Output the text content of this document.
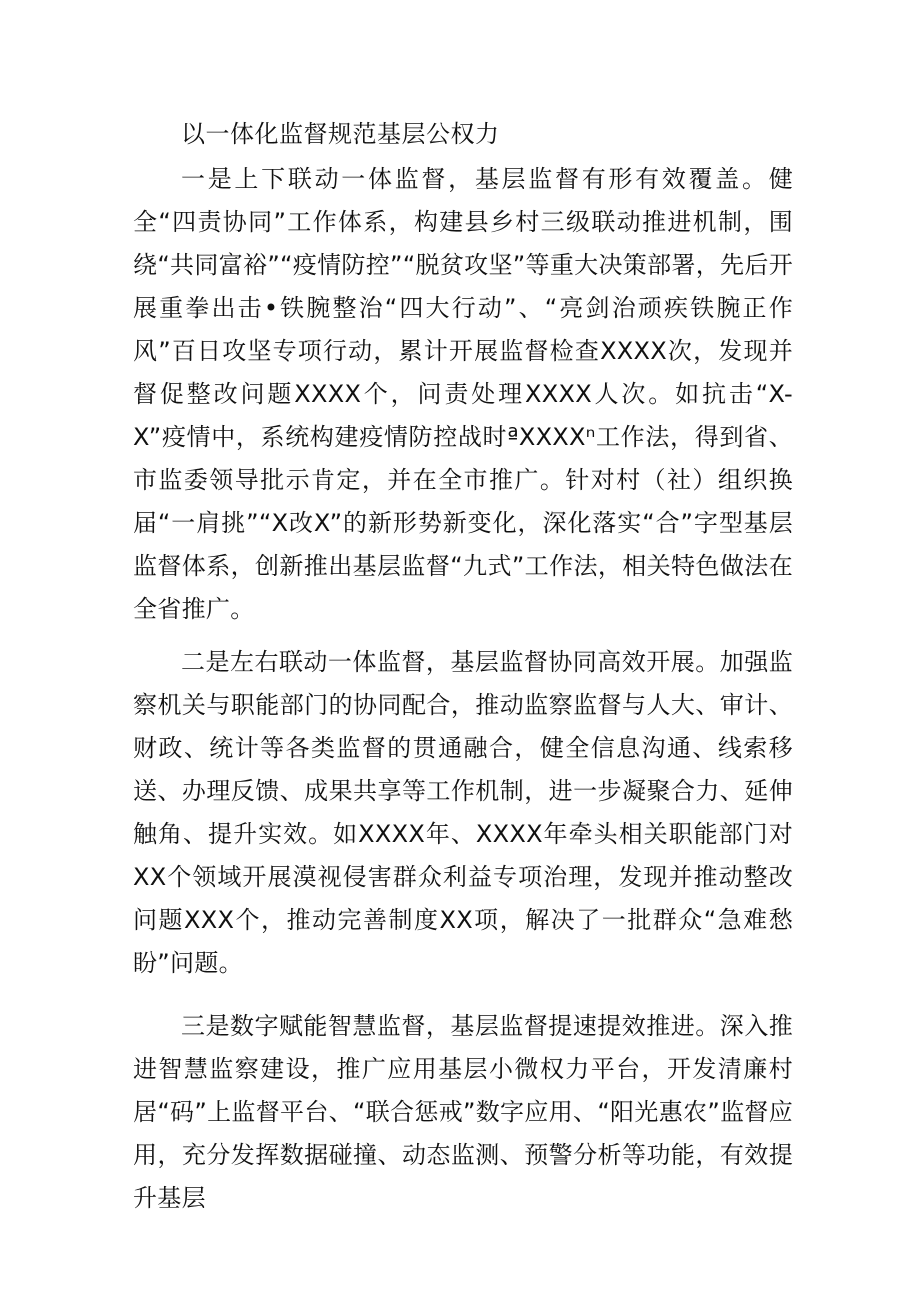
以一体化监督规范基层公权力

一是上下联动一体监督，基层监督有形有效覆盖。健全“四责协同”工作体系，构建县乡村三级联动推进机制，围绕“共同富裕”“疫情防控”“脱贫攻坚”等重大决策部署，先后开展重拳出击•铁腕整治“四大行动”、“亮剑治顽疾铁腕正作风”百日攻坚专项行动，累计开展监督检查XXXX次，发现并督促整改问题XXXX个，问责处理XXXX人次。如抗击“X-X”疫情中，系统构建疫情防控战时ªXXXXⁿ工作法，得到省、市监委领导批示肯定，并在全市推广。针对村（社）组织换届“一肩挑”“X改X”的新形势新变化，深化落实“合”字型基层监督体系，创新推出基层监督“九式”工作法，相关特色做法在全省推广。

二是左右联动一体监督，基层监督协同高效开展。加强监察机关与职能部门的协同配合，推动监察监督与人大、审计、财政、统计等各类监督的贯通融合，健全信息沟通、线索移送、办理反馈、成果共享等工作机制，进一步凝聚合力、延伸触角、提升实效。如XXXX年、XXXX年牵头相关职能部门对XX个领域开展漠视侵害群众利益专项治理，发现并推动整改问题XXX个，推动完善制度XX项，解决了一批群众“急难愁盼”问题。

三是数字赋能智慧监督，基层监督提速提效推进。深入推进智慧监察建设，推广应用基层小微权力平台，开发清廉村居“码”上监督平台、“联合惩戒”数字应用、“阳光惠农”监督应用，充分发挥数据碰撞、动态监测、预警分析等功能，有效提升基层
